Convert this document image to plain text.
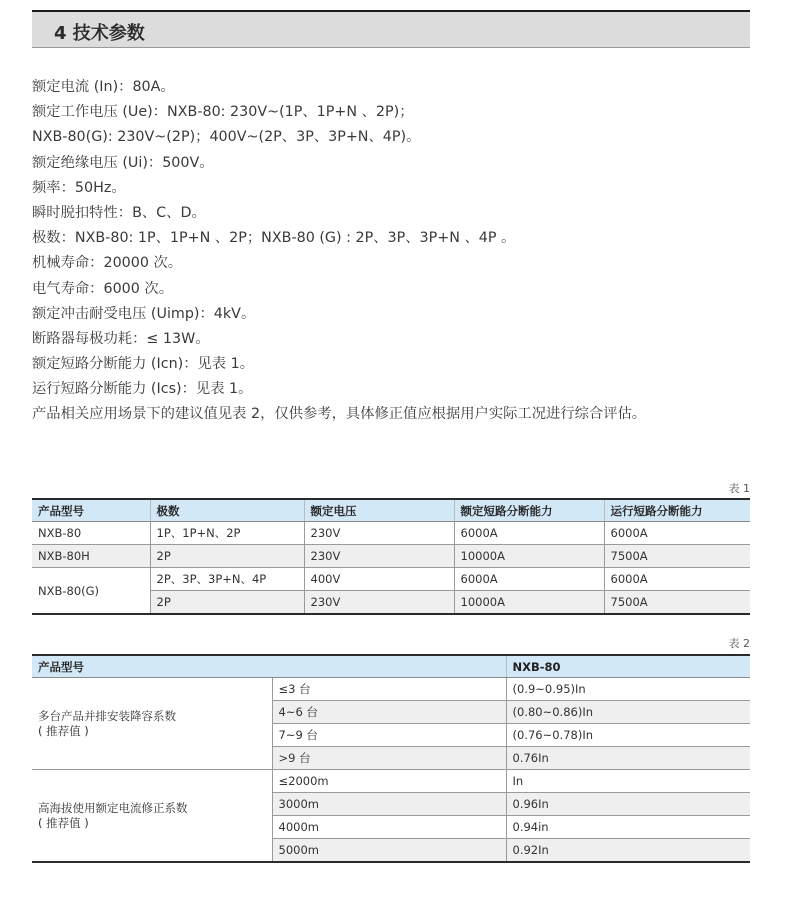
4 技术参数
额定电流 (In)：80A。
额定工作电压 (Ue)：NXB-80: 230V~(1P、1P+N 、2P)；
NXB-80(G): 230V~(2P)；400V~(2P、3P、3P+N、4P)。
额定绝缘电压 (Ui)：500V。
频率：50Hz。
瞬时脱扣特性：B、C、D。
极数：NXB-80: 1P、1P+N 、2P；NXB-80 (G) : 2P、3P、3P+N 、4P 。
机械寿命：20000 次。
电气寿命：6000 次。
额定冲击耐受电压 (Uimp)：4kV。
断路器每极功耗：≤ 13W。
额定短路分断能力 (Icn)：见表 1。
运行短路分断能力 (Ics)：见表 1。
产品相关应用场景下的建议值见表 2，仅供参考，具体修正值应根据用户实际工况进行综合评估。
表 1
产品型号	极数	额定电压	额定短路分断能力	运行短路分断能力
NXB-80	1P、1P+N、2P	230V	6000A	6000A
NXB-80H	2P	230V	10000A	7500A
NXB-80(G)	2P、3P、3P+N、4P	400V	6000A	6000A
	2P	230V	10000A	7500A
表 2
产品型号		NXB-80

多台产品并排安装降容系数
( 推荐值 )	≤3 台	(0.9~0.95)In
	4~6 台	(0.80~0.86)In
	7~9 台	(0.76~0.78)In
	>9 台	0.76In

高海拔使用额定电流修正系数
( 推荐值 )	≤2000m	In
	3000m	0.96In
	4000m	0.94in
	5000m	0.92In
